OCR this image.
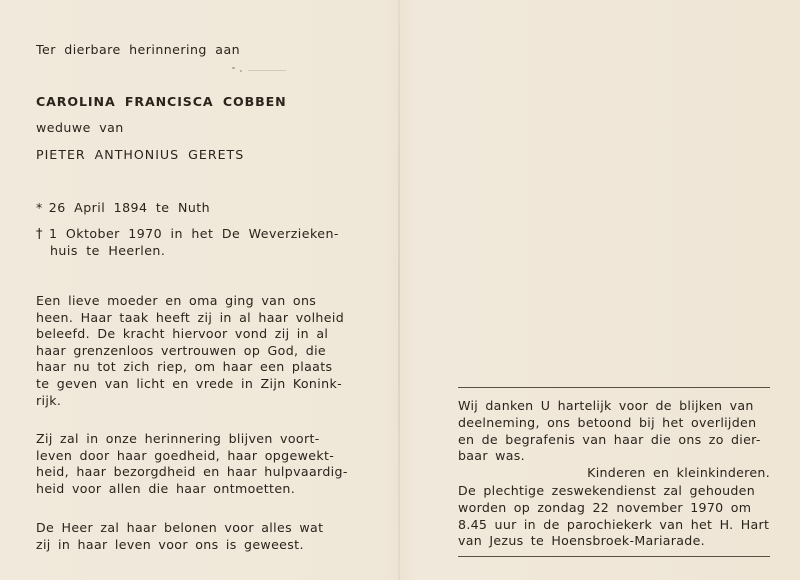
Ter dierbare herinnering aan
CAROLINA FRANCISCA COBBEN
weduwe van
PIETER ANTHONIUS GERETS
* 26 April 1894 te Nuth
† 1 Oktober 1970 in het De Weverzieken-
huis te Heerlen.
Een lieve moeder en oma ging van ons
heen. Haar taak heeft zij in al haar volheid
beleefd. De kracht hiervoor vond zij in al
haar grenzenloos vertrouwen op God, die
haar nu tot zich riep, om haar een plaats
te geven van licht en vrede in Zijn Konink-
rijk.
Zij zal in onze herinnering blijven voort-
leven door haar goedheid, haar opgewekt-
heid, haar bezorgdheid en haar hulpvaardig-
heid voor allen die haar ontmoetten.
De Heer zal haar belonen voor alles wat
zij in haar leven voor ons is geweest.
Wij danken U hartelijk voor de blijken van
deelneming, ons betoond bij het overlijden
en de begrafenis van haar die ons zo dier-
baar was.
Kinderen en kleinkinderen.
De plechtige zeswekendienst zal gehouden
worden op zondag 22 november 1970 om
8.45 uur in de parochiekerk van het H. Hart
van Jezus te Hoensbroek-Mariarade.
